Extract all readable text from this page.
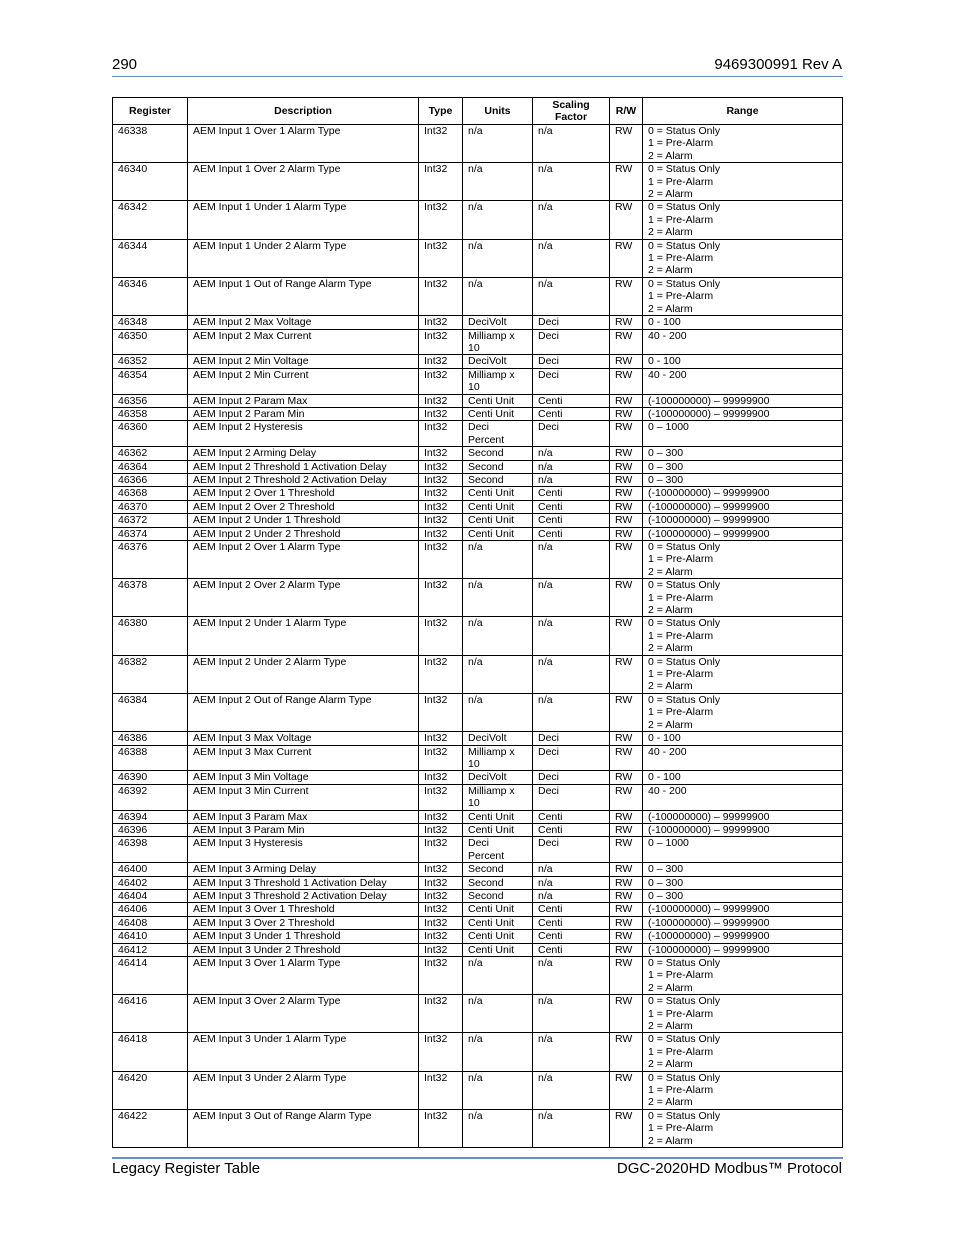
290	9469300991 Rev A
Register	Description	Type	Units	Scaling Factor	R/W	Range
46338	AEM Input 1 Over 1 Alarm Type	Int32	n/a	n/a	RW	0 = Status Only
1 = Pre-Alarm
2 = Alarm
46340	AEM Input 1 Over 2 Alarm Type	Int32	n/a	n/a	RW	0 = Status Only
1 = Pre-Alarm
2 = Alarm
46342	AEM Input 1 Under 1 Alarm Type	Int32	n/a	n/a	RW	0 = Status Only
1 = Pre-Alarm
2 = Alarm
46344	AEM Input 1 Under 2 Alarm Type	Int32	n/a	n/a	RW	0 = Status Only
1 = Pre-Alarm
2 = Alarm
46346	AEM Input 1 Out of Range Alarm Type	Int32	n/a	n/a	RW	0 = Status Only
1 = Pre-Alarm
2 = Alarm
46348	AEM Input 2 Max Voltage	Int32	DeciVolt	Deci	RW	0 - 100
46350	AEM Input 2 Max Current	Int32	Milliamp x
10	Deci	RW	40 - 200
46352	AEM Input 2 Min Voltage	Int32	DeciVolt	Deci	RW	0 - 100
46354	AEM Input 2 Min Current	Int32	Milliamp x
10	Deci	RW	40 - 200
46356	AEM Input 2 Param Max	Int32	Centi Unit	Centi	RW	(-100000000) – 99999900
46358	AEM Input 2 Param Min	Int32	Centi Unit	Centi	RW	(-100000000) – 99999900
46360	AEM Input 2 Hysteresis	Int32	Deci
Percent	Deci	RW	0 – 1000
46362	AEM Input 2 Arming Delay	Int32	Second	n/a	RW	0 – 300
46364	AEM Input 2 Threshold 1 Activation Delay	Int32	Second	n/a	RW	0 – 300
46366	AEM Input 2 Threshold 2 Activation Delay	Int32	Second	n/a	RW	0 – 300
46368	AEM Input 2 Over 1 Threshold	Int32	Centi Unit	Centi	RW	(-100000000) – 99999900
46370	AEM Input 2 Over 2 Threshold	Int32	Centi Unit	Centi	RW	(-100000000) – 99999900
46372	AEM Input 2 Under 1 Threshold	Int32	Centi Unit	Centi	RW	(-100000000) – 99999900
46374	AEM Input 2 Under 2 Threshold	Int32	Centi Unit	Centi	RW	(-100000000) – 99999900
46376	AEM Input 2 Over 1 Alarm Type	Int32	n/a	n/a	RW	0 = Status Only
1 = Pre-Alarm
2 = Alarm
46378	AEM Input 2 Over 2 Alarm Type	Int32	n/a	n/a	RW	0 = Status Only
1 = Pre-Alarm
2 = Alarm
46380	AEM Input 2 Under 1 Alarm Type	Int32	n/a	n/a	RW	0 = Status Only
1 = Pre-Alarm
2 = Alarm
46382	AEM Input 2 Under 2 Alarm Type	Int32	n/a	n/a	RW	0 = Status Only
1 = Pre-Alarm
2 = Alarm
46384	AEM Input 2 Out of Range Alarm Type	Int32	n/a	n/a	RW	0 = Status Only
1 = Pre-Alarm
2 = Alarm
46386	AEM Input 3 Max Voltage	Int32	DeciVolt	Deci	RW	0 - 100
46388	AEM Input 3 Max Current	Int32	Milliamp x
10	Deci	RW	40 - 200
46390	AEM Input 3 Min Voltage	Int32	DeciVolt	Deci	RW	0 - 100
46392	AEM Input 3 Min Current	Int32	Milliamp x
10	Deci	RW	40 - 200
46394	AEM Input 3 Param Max	Int32	Centi Unit	Centi	RW	(-100000000) – 99999900
46396	AEM Input 3 Param Min	Int32	Centi Unit	Centi	RW	(-100000000) – 99999900
46398	AEM Input 3 Hysteresis	Int32	Deci
Percent	Deci	RW	0 – 1000
46400	AEM Input 3 Arming Delay	Int32	Second	n/a	RW	0 – 300
46402	AEM Input 3 Threshold 1 Activation Delay	Int32	Second	n/a	RW	0 – 300
46404	AEM Input 3 Threshold 2 Activation Delay	Int32	Second	n/a	RW	0 – 300
46406	AEM Input 3 Over 1 Threshold	Int32	Centi Unit	Centi	RW	(-100000000) – 99999900
46408	AEM Input 3 Over 2 Threshold	Int32	Centi Unit	Centi	RW	(-100000000) – 99999900
46410	AEM Input 3 Under 1 Threshold	Int32	Centi Unit	Centi	RW	(-100000000) – 99999900
46412	AEM Input 3 Under 2 Threshold	Int32	Centi Unit	Centi	RW	(-100000000) – 99999900
46414	AEM Input 3 Over 1 Alarm Type	Int32	n/a	n/a	RW	0 = Status Only
1 = Pre-Alarm
2 = Alarm
46416	AEM Input 3 Over 2 Alarm Type	Int32	n/a	n/a	RW	0 = Status Only
1 = Pre-Alarm
2 = Alarm
46418	AEM Input 3 Under 1 Alarm Type	Int32	n/a	n/a	RW	0 = Status Only
1 = Pre-Alarm
2 = Alarm
46420	AEM Input 3 Under 2 Alarm Type	Int32	n/a	n/a	RW	0 = Status Only
1 = Pre-Alarm
2 = Alarm
46422	AEM Input 3 Out of Range Alarm Type	Int32	n/a	n/a	RW	0 = Status Only
1 = Pre-Alarm
2 = Alarm
Legacy Register Table	DGC-2020HD Modbus™ Protocol
